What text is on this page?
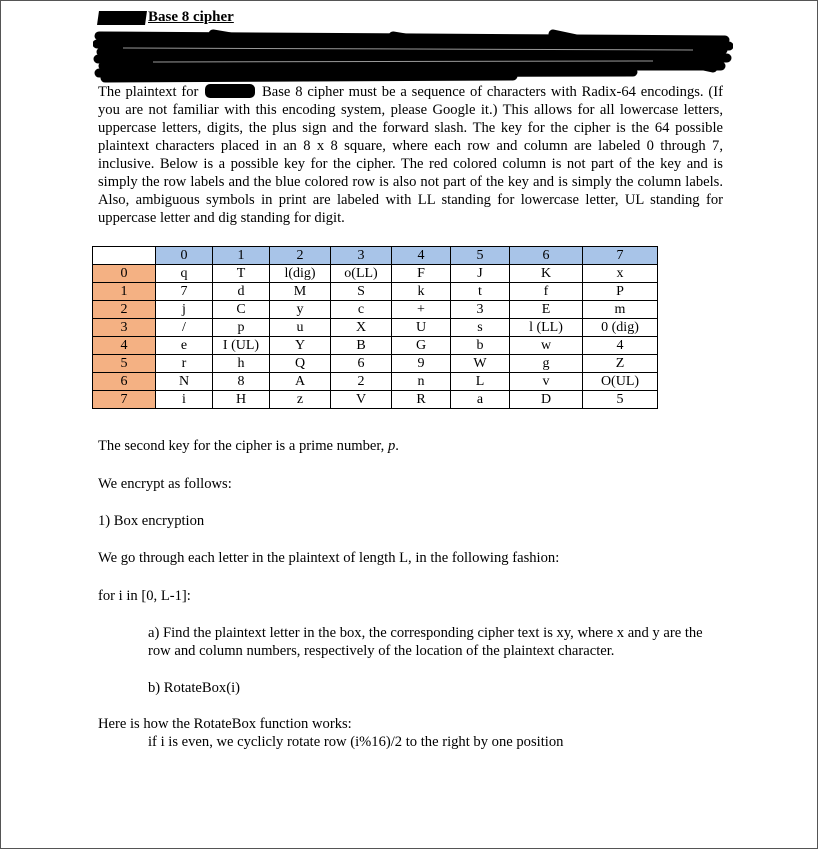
Base 8 cipher
The plaintext for	Base 8 cipher must be a sequence of characters with Radix-64 encodings. (If you are not familiar with this encoding system, please Google it.) This allows for all lowercase letters, uppercase letters, digits, the plus sign and the forward slash. The key for the cipher is the 64 possible plaintext characters placed in an 8 x 8 square, where each row and column are labeled 0 through 7, inclusive. Below is a possible key for the cipher. The red colored column is not part of the key and is simply the row labels and the blue colored row is also not part of the key and is simply the column labels. Also, ambiguous symbols in print are labeled with LL standing for lowercase letter, UL standing for uppercase letter and dig standing for digit.
	0	1	2	3	4	5	6	7
0	q	T	l(dig)	o(LL)	F	J	K	x
1	7	d	M	S	k	t	f	P
2	j	C	y	c	+	3	E	m
3	/	p	u	X	U	s	l (LL)	0 (dig)
4	e	I (UL)	Y	B	G	b	w	4
5	r	h	Q	6	9	W	g	Z
6	N	8	A	2	n	L	v	O(UL)
7	i	H	z	V	R	a	D	5
The second key for the cipher is a prime number, p.
We encrypt as follows:
1) Box encryption
We go through each letter in the plaintext of length L, in the following fashion:
for i in [0, L-1]:
a) Find the plaintext letter in the box, the corresponding cipher text is xy, where x and y are the row and column numbers, respectively of the location of the plaintext character.
b) RotateBox(i)
Here is how the RotateBox function works:
if i is even, we cyclicly rotate row (i%16)/2 to the right by one position
